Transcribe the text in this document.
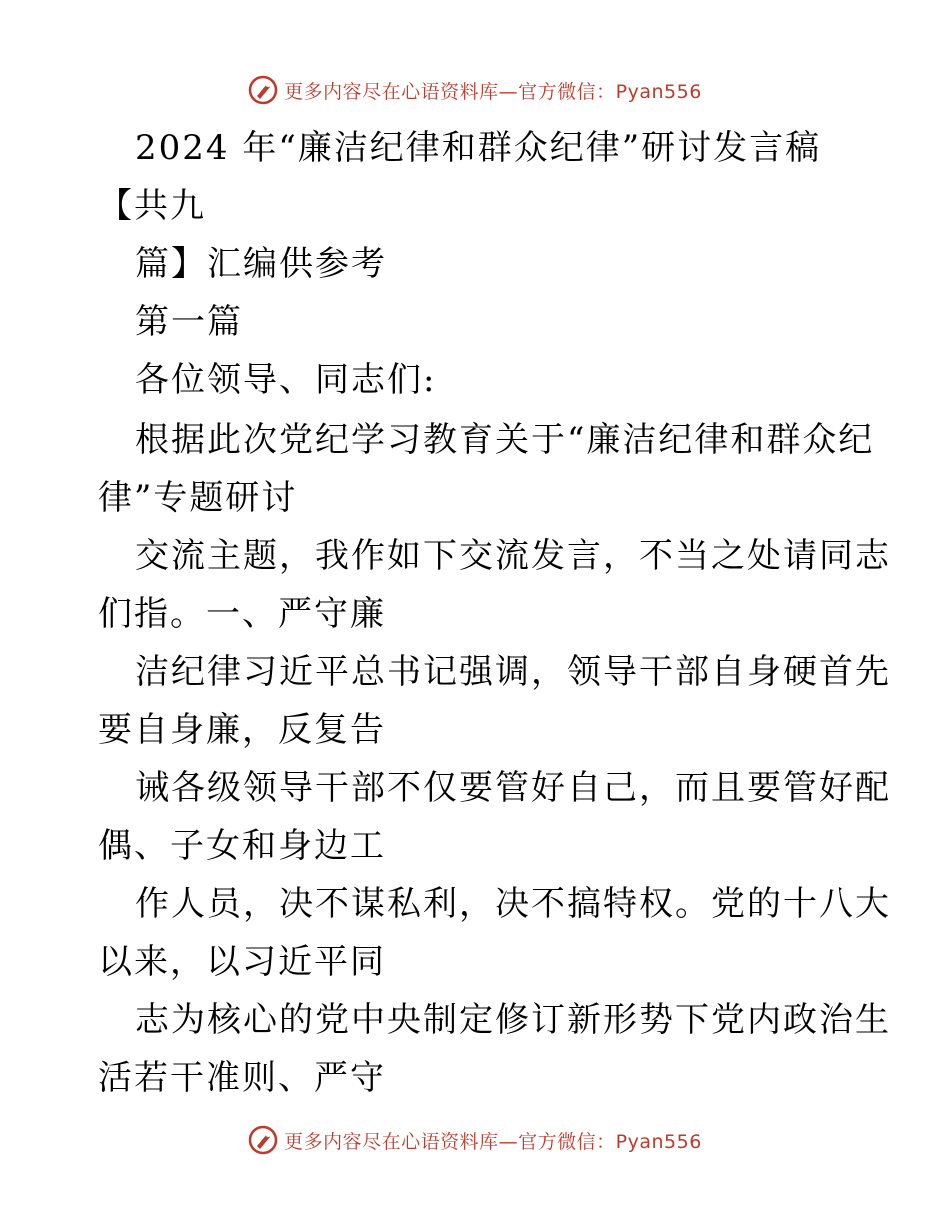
更多内容尽在心语资料库—官方微信：Pyan556
2024 年“廉洁纪律和群众纪律”研讨发言稿
【共九
篇】汇编供参考
第一篇
各位领导、同志们:
根据此次党纪学习教育关于“廉洁纪律和群众纪
律”专题研讨
交流主题，我作如下交流发言，不当之处请同志
们指。一、严守廉
洁纪律习近平总书记强调，领导干部自身硬首先
要自身廉，反复告
诫各级领导干部不仅要管好自己，而且要管好配
偶、子女和身边工
作人员，决不谋私利，决不搞特权。党的十八大
以来，以习近平同
志为核心的党中央制定修订新形势下党内政治生
活若干准则、严守
更多内容尽在心语资料库—官方微信：Pyan556
